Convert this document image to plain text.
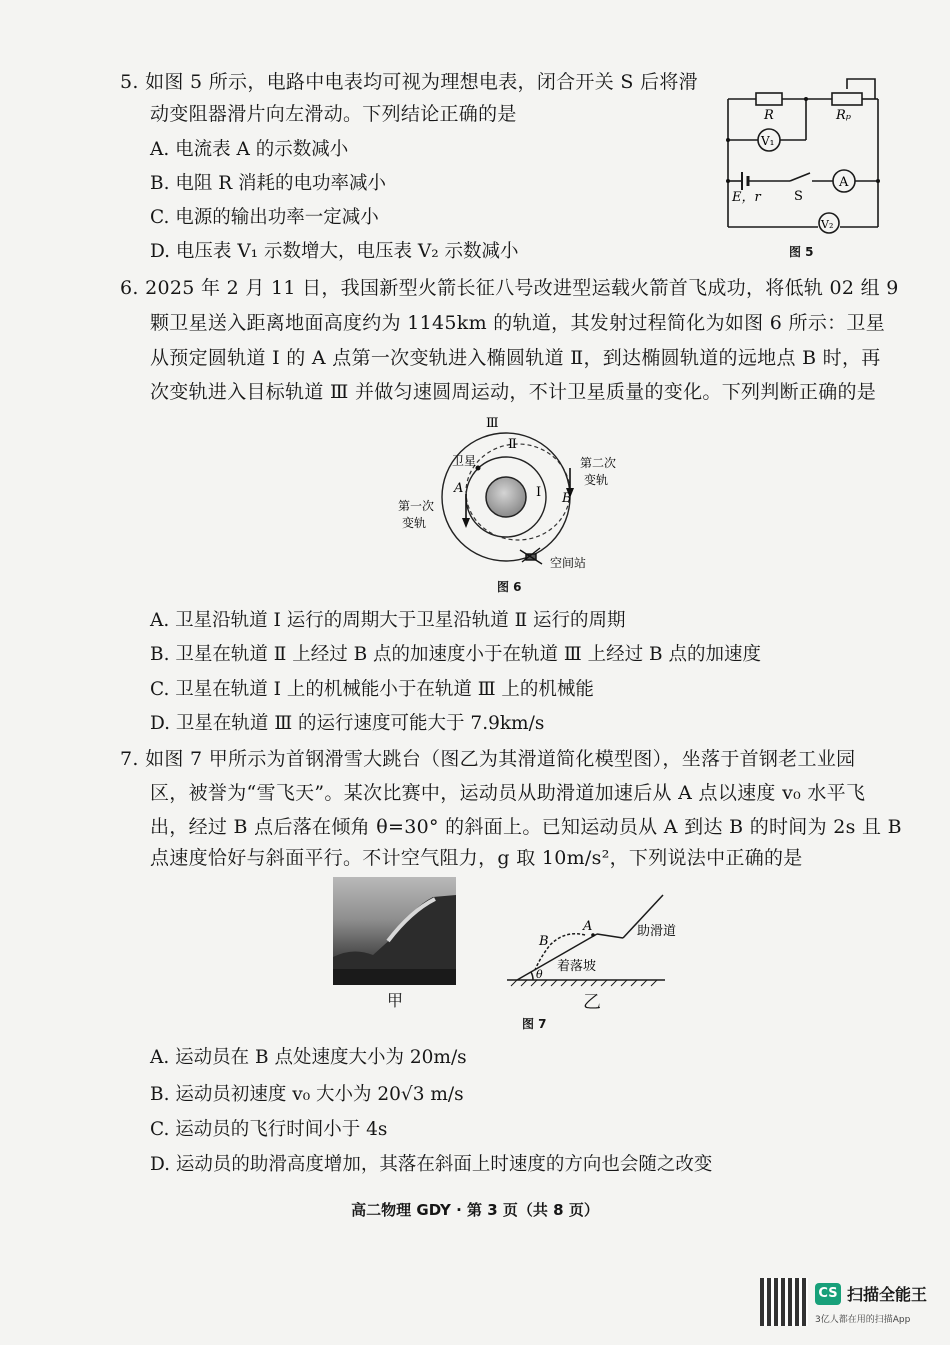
5. 如图 5 所示，电路中电表均可视为理想电表，闭合开关 S 后将滑
动变阻器滑片向左滑动。下列结论正确的是
A. 电流表 A 的示数减小
B. 电阻 R 消耗的电功率减小
C. 电源的输出功率一定减小
D. 电压表 V₁ 示数增大，电压表 V₂ 示数减小
R	Rₚ
V₁
A
S
E，r
V₂
图 5
6. 2025 年 2 月 11 日，我国新型火箭长征八号改进型运载火箭首飞成功，将低轨 02 组 9
颗卫星送入距离地面高度约为 1145km 的轨道，其发射过程简化为如图 6 所示：卫星
从预定圆轨道 Ⅰ 的 A 点第一次变轨进入椭圆轨道 Ⅱ，到达椭圆轨道的远地点 B 时，再
次变轨进入目标轨道 Ⅲ 并做匀速圆周运动，不计卫星质量的变化。下列判断正确的是
Ⅲ
Ⅱ
Ⅰ
卫星
A
B
第一次
变轨
第二次
变轨
空间站
图 6
A. 卫星沿轨道 Ⅰ 运行的周期大于卫星沿轨道 Ⅱ 运行的周期
B. 卫星在轨道 Ⅱ 上经过 B 点的加速度小于在轨道 Ⅲ 上经过 B 点的加速度
C. 卫星在轨道 Ⅰ 上的机械能小于在轨道 Ⅲ 上的机械能
D. 卫星在轨道 Ⅲ 的运行速度可能大于 7.9km/s
7. 如图 7 甲所示为首钢滑雪大跳台（图乙为其滑道简化模型图），坐落于首钢老工业园
区，被誉为“雪飞天”。某次比赛中，运动员从助滑道加速后从 A 点以速度 v₀ 水平飞
出，经过 B 点后落在倾角 θ=30° 的斜面上。已知运动员从 A 到达 B 的时间为 2s 且 B
点速度恰好与斜面平行。不计空气阻力，g 取 10m/s²，下列说法中正确的是
甲
A
B
θ
助滑道
着落坡
乙
图 7
A. 运动员在 B 点处速度大小为 20m/s
B. 运动员初速度 v₀ 大小为 20√3 m/s
C. 运动员的飞行时间小于 4s
D. 运动员的助滑高度增加，其落在斜面上时速度的方向也会随之改变
高二物理 GDY · 第 3 页（共 8 页）
CS 扫描全能王
3亿人都在用的扫描App
